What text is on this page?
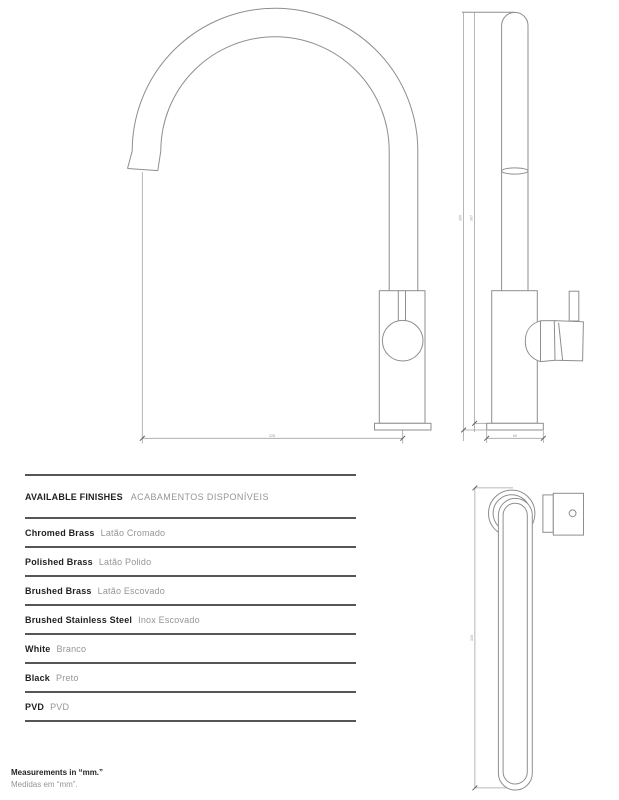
228
360 307
60
330
AVAILABLE FINISHES ACABAMENTOS DISPONÍVEIS
Chromed Brass Latão Cromado
Polished Brass Latão Polido
Brushed Brass Latão Escovado
Brushed Stainless Steel Inox Escovado
White Branco
Black Preto
PVD PVD
Measurements in “mm.”
Medidas em “mm”.
